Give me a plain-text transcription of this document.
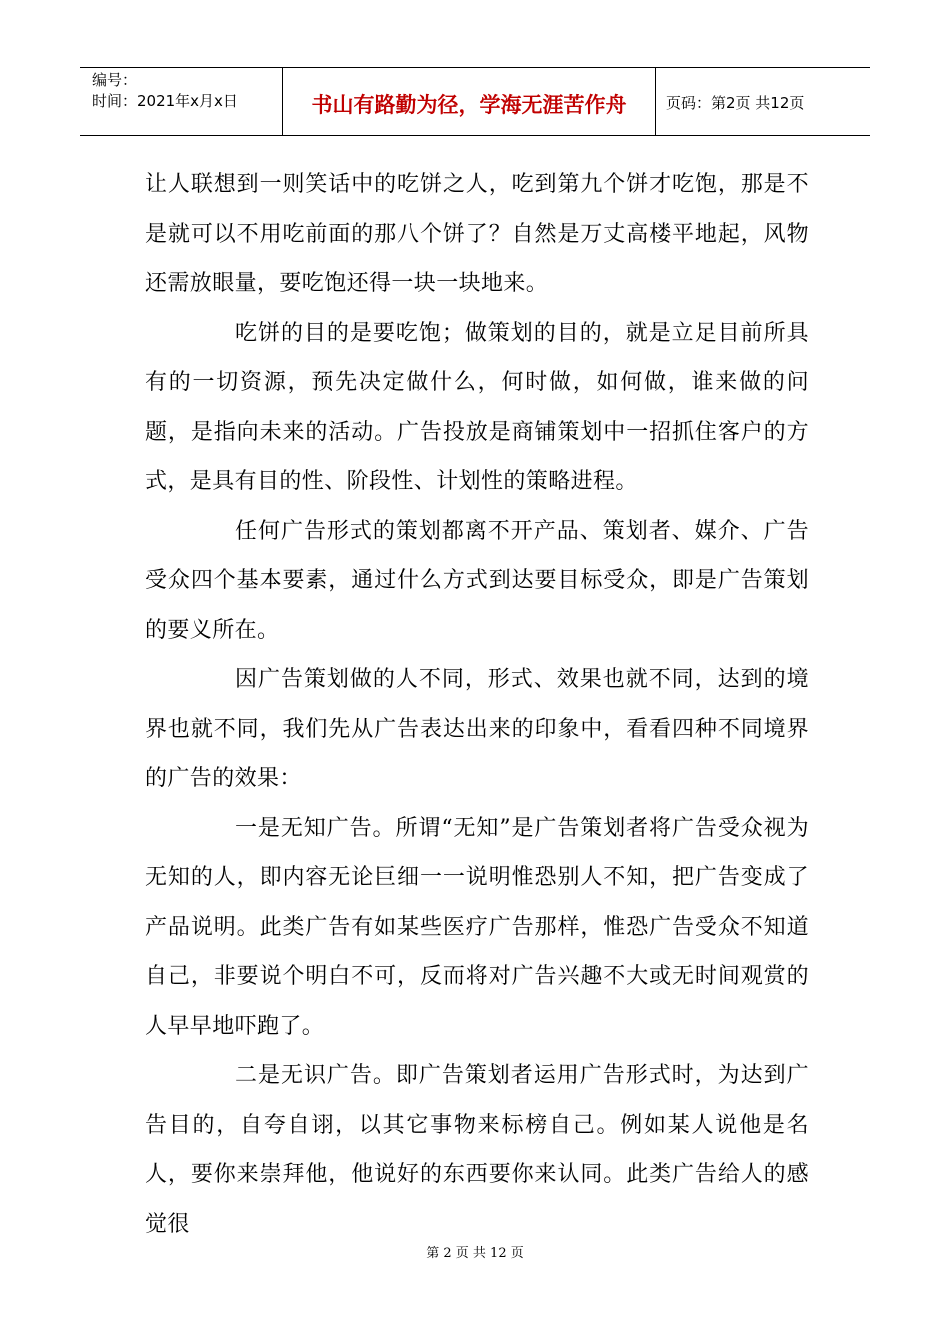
编号：
时间：2021年x月x日	书山有路勤为径，学海无涯苦作舟	页码：第2页 共12页

让人联想到一则笑话中的吃饼之人，吃到第九个饼才吃饱，那是不是就可以不用吃前面的那八个饼了？自然是万丈高楼平地起，风物还需放眼量，要吃饱还得一块一块地来。

吃饼的目的是要吃饱；做策划的目的，就是立足目前所具有的一切资源，预先决定做什么，何时做，如何做，谁来做的问题，是指向未来的活动。广告投放是商铺策划中一招抓住客户的方式，是具有目的性、阶段性、计划性的策略进程。

任何广告形式的策划都离不开产品、策划者、媒介、广告受众四个基本要素，通过什么方式到达要目标受众，即是广告策划的要义所在。

因广告策划做的人不同，形式、效果也就不同，达到的境界也就不同，我们先从广告表达出来的印象中，看看四种不同境界的广告的效果：

一是无知广告。所谓“无知”是广告策划者将广告受众视为无知的人，即内容无论巨细一一说明惟恐别人不知，把广告变成了产品说明。此类广告有如某些医疗广告那样，惟恐广告受众不知道自己，非要说个明白不可，反而将对广告兴趣不大或无时间观赏的人早早地吓跑了。

二是无识广告。即广告策划者运用广告形式时，为达到广告目的，自夸自诩，以其它事物来标榜自己。例如某人说他是名人，要你来崇拜他，他说好的东西要你来认同。此类广告给人的感觉很

第 2 页 共 12 页
